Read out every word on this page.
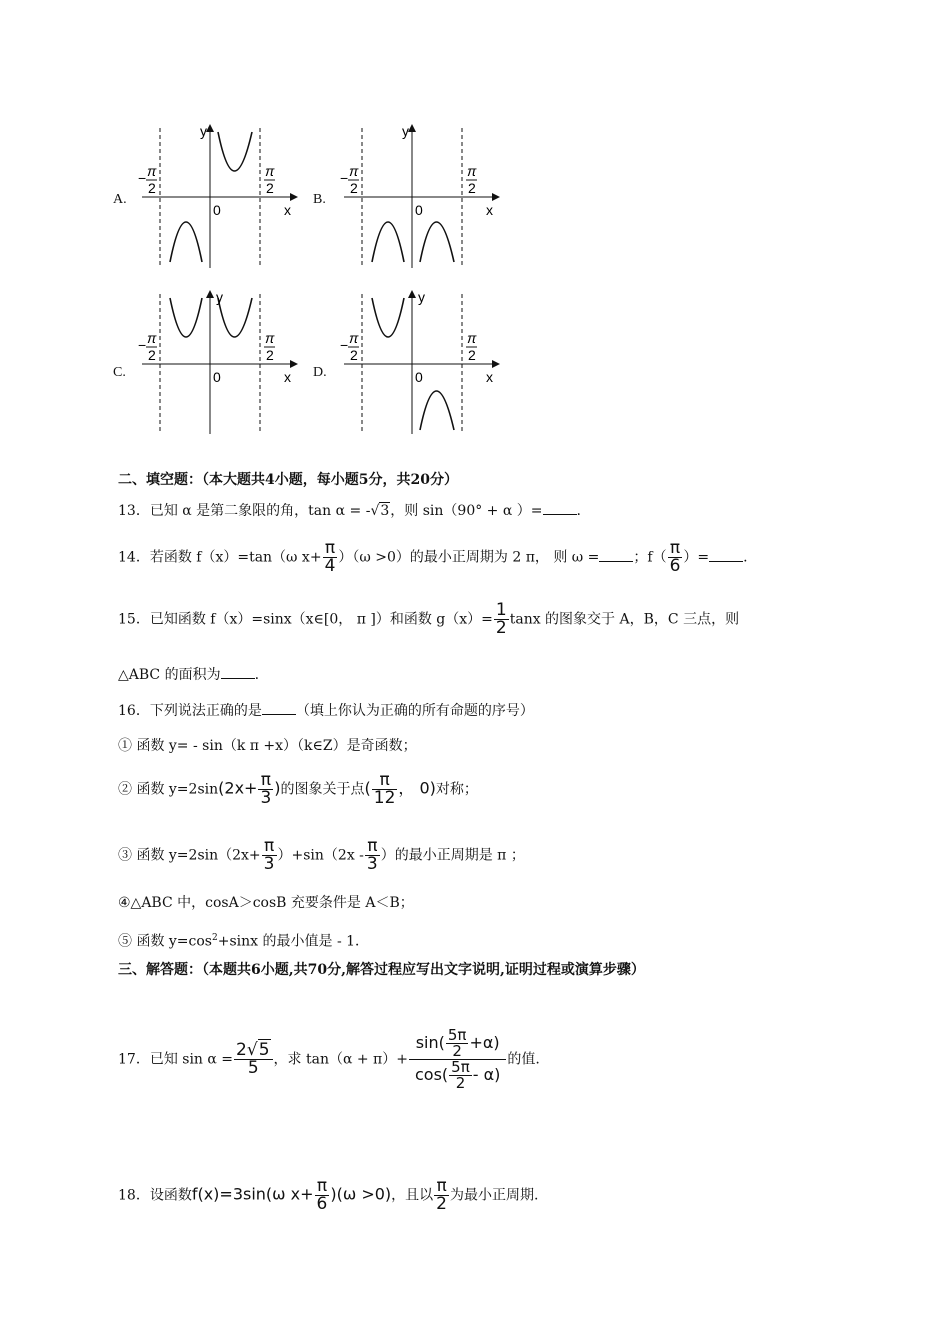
A.	B.
C.	D.
y
x
0
− π
2
π
2
y
x
0
− π
2
π
2
y
x
0
− π
2
π
2
y
x
0
− π
2
π
2
二、填空题：（本大题共4小题，每小题5分，共20分）
13．已知 α 是第二象限的角，tan α = -√3，则 sin（90° + α ）= .
14．若函数 f（x）=tan（ω $x+ \frac{\pi}{4} )(\omega >0)$的最小正周期为 2 π， 则 ω = ；$f( \frac{\pi}{6}$ ）= .
15．已知函数 f（x）=sinx（x∈[0， π ]）和函数 $g(x)= \frac{1}{2}$ tanx 的图象交于 A，B，C 三点，则
△ABC 的面积为 .
16．下列说法正确的是 （填上你认为正确的所有命题的序号）
① 函数 y= - sin（k π +x）（k∈Z）是奇函数；
② 函数 $y=2\sin(2x+ \frac{\pi}{3}$ )的图象关于点( $\frac{\pi}{12}$ ， 0)对称；
③ 函数 $y=2\sin(2x+ \frac{\pi}{3} )+\sin(2x - \frac{\pi}{3}$ ）的最小正周期是 π ；
④△ABC 中，cosA＞cosB 充要条件是 A＜B；
⑤ 函数 $y=\cos^2+\sin x$ 的最小值是 - 1．
三、解答题：（本题共6小题,共70分,解答过程应写出文字说明,证明过程或演算步骤）
17．已知 $\sin \alpha = \frac{2√5}{5}$ ，求 $\tan(\alpha + \pi)+ \frac{\sin( \frac{5\pi}{2} +\alpha)}{\cos( \frac{5\pi}{2} - \alpha)}$ 的值.
18．设函数f(x)=3sin(ω $x+ \frac{\pi}{6} )(\omega >0)$，且以 $\frac{\pi}{2}$ 为最小正周期.
